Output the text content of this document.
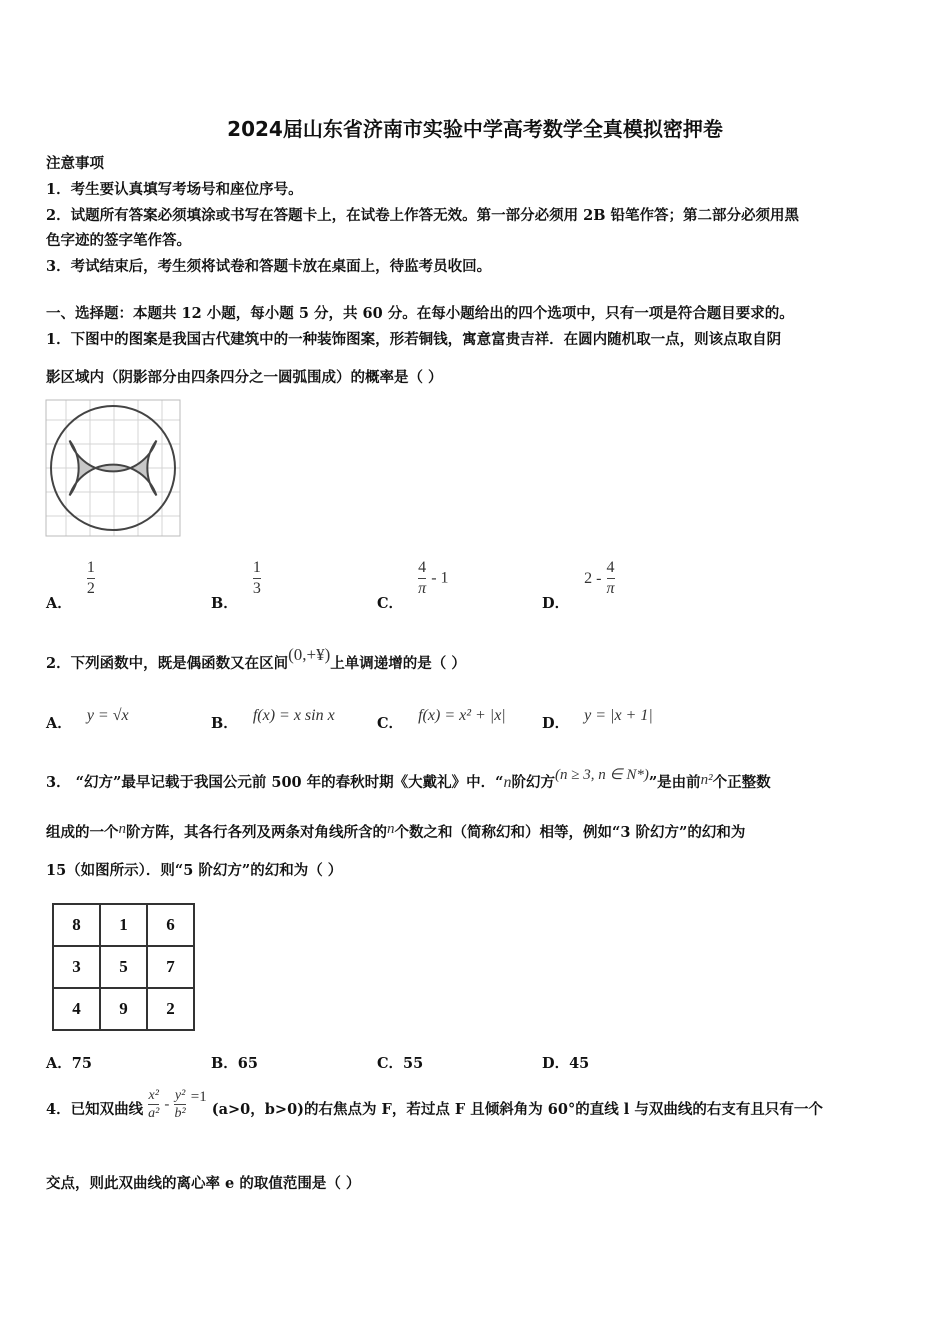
2024届山东省济南市实验中学高考数学全真模拟密押卷
注意事项
1．考生要认真填写考场号和座位序号。
2．试题所有答案必须填涂或书写在答题卡上，在试卷上作答无效。第一部分必须用 2B 铅笔作答；第二部分必须用黑
色字迹的签字笔作答。
3．考试结束后，考生须将试卷和答题卡放在桌面上，待监考员收回。
一、选择题：本题共 12 小题，每小题 5 分，共 60 分。在每小题给出的四个选项中，只有一项是符合题目要求的。
1．下图中的图案是我国古代建筑中的一种装饰图案，形若铜钱，寓意富贵吉祥．在圆内随机取一点，则该点取自阴
影区域内（阴影部分由四条四分之一圆弧围成）的概率是（ ）
A．
$\frac{1}{2}$
B．
$\frac{1}{3}$
C．
$\frac{4}{\pi} - 1$
D． $2 - \frac{4}{\pi}$
2．下列函数中，既是偶函数又在区间(0,+¥)上单调递增的是（ ）
A． y = √x	B． f(x) = x sin x	C． f(x) = x² + |x|	D． y = |x + 1|
3． “幻方”最早记载于我国公元前 500 年的春秋时期《大戴礼》中．“n阶幻方(n ≥ 3, n ∈ N*)”是由前n²个正整数
组成的一个n阶方阵，其各行各列及两条对角线所含的n个数之和（简称幻和）相等，例如“3 阶幻方”的幻和为
15（如图所示）．则“5 阶幻方”的幻和为（ ）
8	1	6
3	5	7
4	9	2
A．75	B．65	C．55	D．45
4．已知双曲线 $\frac{\text{x²}}{\text{a²}} - \frac{\text{y²}}{\text{b²}} =1$ (a>0，b>0)的右焦点为 F，若过点 F 且倾斜角为 60°的直线 l 与双曲线的右支有且只有一个
交点，则此双曲线的离心率 e 的取值范围是（ ）
